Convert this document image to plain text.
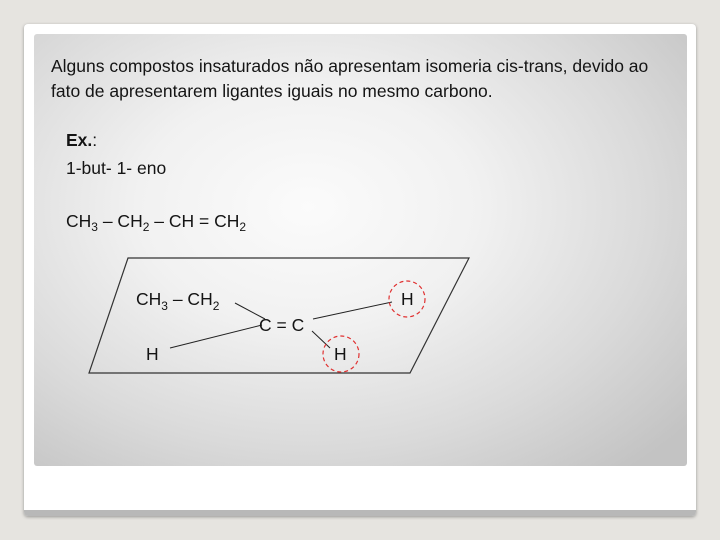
Alguns compostos insaturados não apresentam isomeria cis-trans, devido ao fato de apresentarem ligantes iguais no mesmo carbono.

Ex.:
1-but- 1- eno
$CH_3 - CH_2$ – CH = $CH_2$
$CH_3 - CH_2$
H
C = C
H
H
